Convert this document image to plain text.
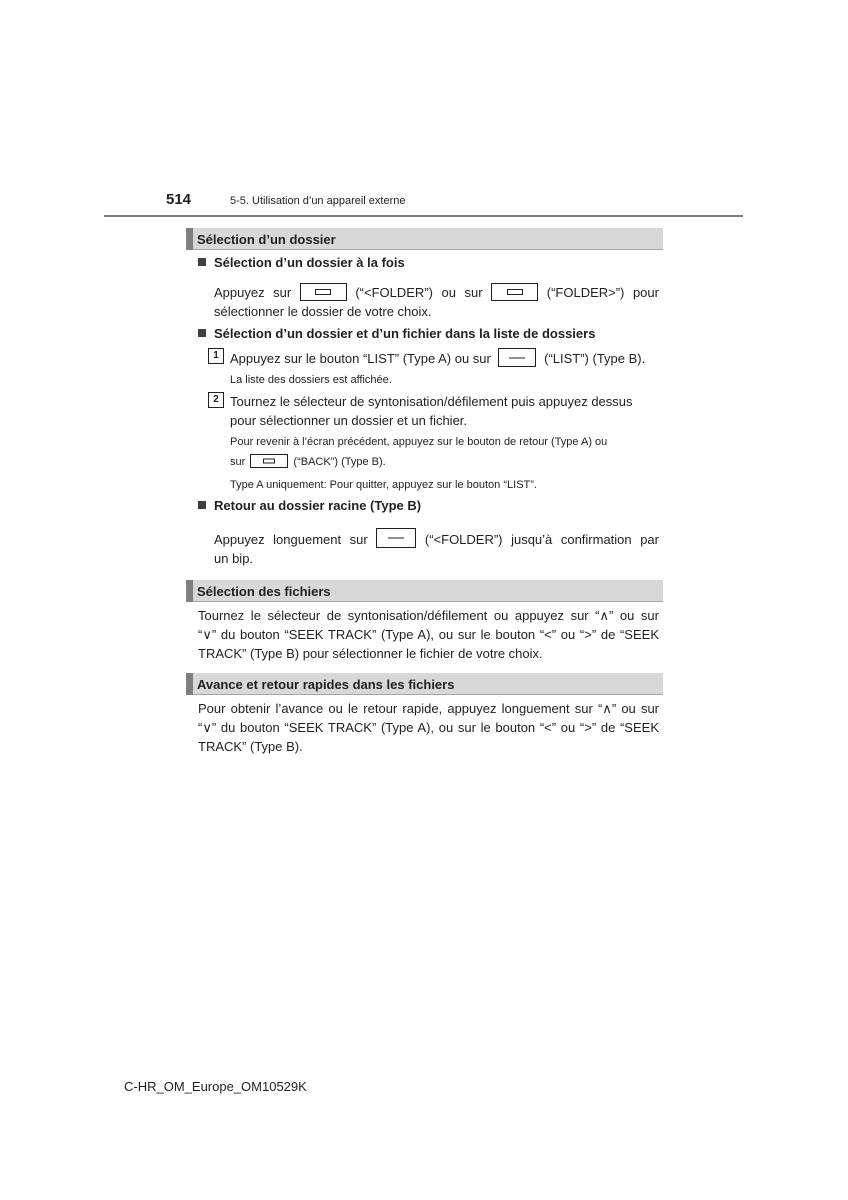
514	5-5. Utilisation d’un appareil externe
Sélection d’un dossier
Sélection d’un dossier à la fois
Appuyez sur	(“<FOLDER”) ou sur	(“FOLDER>”) pour
sélectionner le dossier de votre choix.
Sélection d’un dossier et d’un fichier dans la liste de dossiers
1 Appuyez sur le bouton “LIST” (Type A) ou sur	(“LIST”) (Type B).
La liste des dossiers est affichée.
2 Tournez le sélecteur de syntonisation/défilement puis appuyez dessus
pour sélectionner un dossier et un fichier.
Pour revenir à l’écran précédent, appuyez sur le bouton de retour (Type A) ou
sur	(“BACK”) (Type B).
Type A uniquement: Pour quitter, appuyez sur le bouton “LIST”.
Retour au dossier racine (Type B)
Appuyez longuement sur	(“<FOLDER”) jusqu’à confirmation par
un bip.
Sélection des fichiers
Tournez le sélecteur de syntonisation/défilement ou appuyez sur “∧” ou sur
“∨” du bouton “SEEK TRACK” (Type A), ou sur le bouton “<” ou “>” de “SEEK
TRACK” (Type B) pour sélectionner le fichier de votre choix.
Avance et retour rapides dans les fichiers
Pour obtenir l’avance ou le retour rapide, appuyez longuement sur “∧” ou sur
“∨” du bouton “SEEK TRACK” (Type A), ou sur le bouton “<” ou “>” de “SEEK
TRACK” (Type B).
C-HR_OM_Europe_OM10529K
